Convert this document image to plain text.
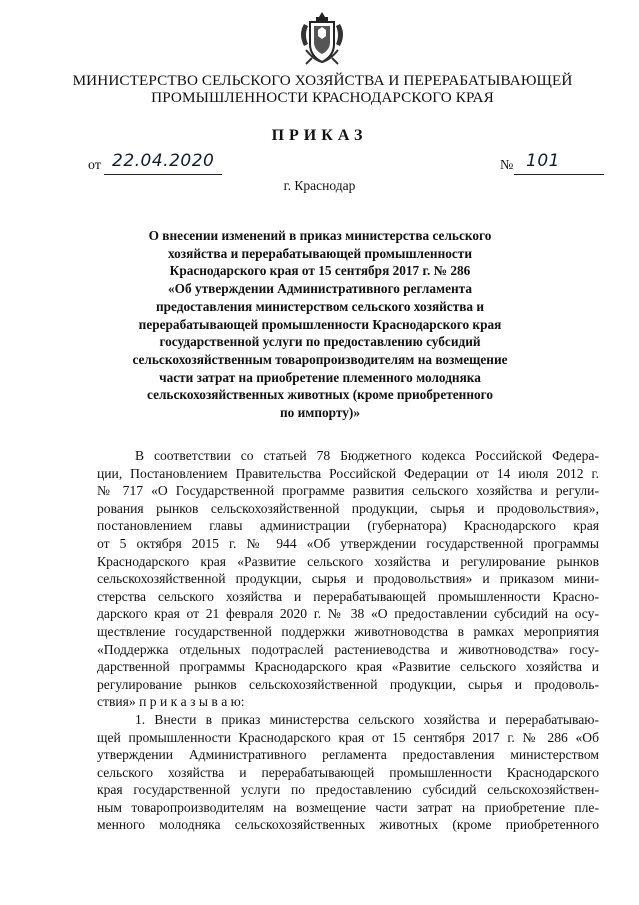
МИНИСТЕРСТВО СЕЛЬСКОГО ХОЗЯЙСТВА И ПЕРЕРАБАТЫВАЮЩЕЙ
ПРОМЫШЛЕННОСТИ КРАСНОДАРСКОГО КРАЯ
ПРИКАЗ
от 22.04.2020	№ 101
г. Краснодар
О внесении изменений в приказ министерства сельского
хозяйства и перерабатывающей промышленности
Краснодарского края от 15 сентября 2017 г. № 286
«Об утверждении Административного регламента
предоставления министерством сельского хозяйства и
перерабатывающей промышленности Краснодарского края
государственной услуги по предоставлению субсидий
сельскохозяйственным товаропроизводителям на возмещение
части затрат на приобретение племенного молодняка
сельскохозяйственных животных (кроме приобретенного
по импорту)»
В соответствии со статьей 78 Бюджетного кодекса Российской Федера-
ции, Постановлением Правительства Российской Федерации от 14 июля 2012 г.
№ 717 «О Государственной программе развития сельского хозяйства и регули-
рования рынков сельскохозяйственной продукции, сырья и продовольствия»,
постановлением главы администрации (губернатора) Краснодарского края
от 5 октября 2015 г. № 944 «Об утверждении государственной программы
Краснодарского края «Развитие сельского хозяйства и регулирование рынков
сельскохозяйственной продукции, сырья и продовольствия» и приказом мини-
стерства сельского хозяйства и перерабатывающей промышленности Красно-
дарского края от 21 февраля 2020 г. № 38 «О предоставлении субсидий на осу-
ществление государственной поддержки животноводства в рамках мероприятия
«Поддержка отдельных подотраслей растениеводства и животноводства» госу-
дарственной программы Краснодарского края «Развитие сельского хозяйства и
регулирование рынков сельскохозяйственной продукции, сырья и продоволь-
ствия» п р и к а з ы в а ю:
1. Внести в приказ министерства сельского хозяйства и перерабатываю-
щей промышленности Краснодарского края от 15 сентября 2017 г. № 286 «Об
утверждении Административного регламента предоставления министерством
сельского хозяйства и перерабатывающей промышленности Краснодарского
края государственной услуги по предоставлению субсидий сельскохозяйствен-
ным товаропроизводителям на возмещение части затрат на приобретение пле-
менного молодняка сельскохозяйственных животных (кроме приобретенного
